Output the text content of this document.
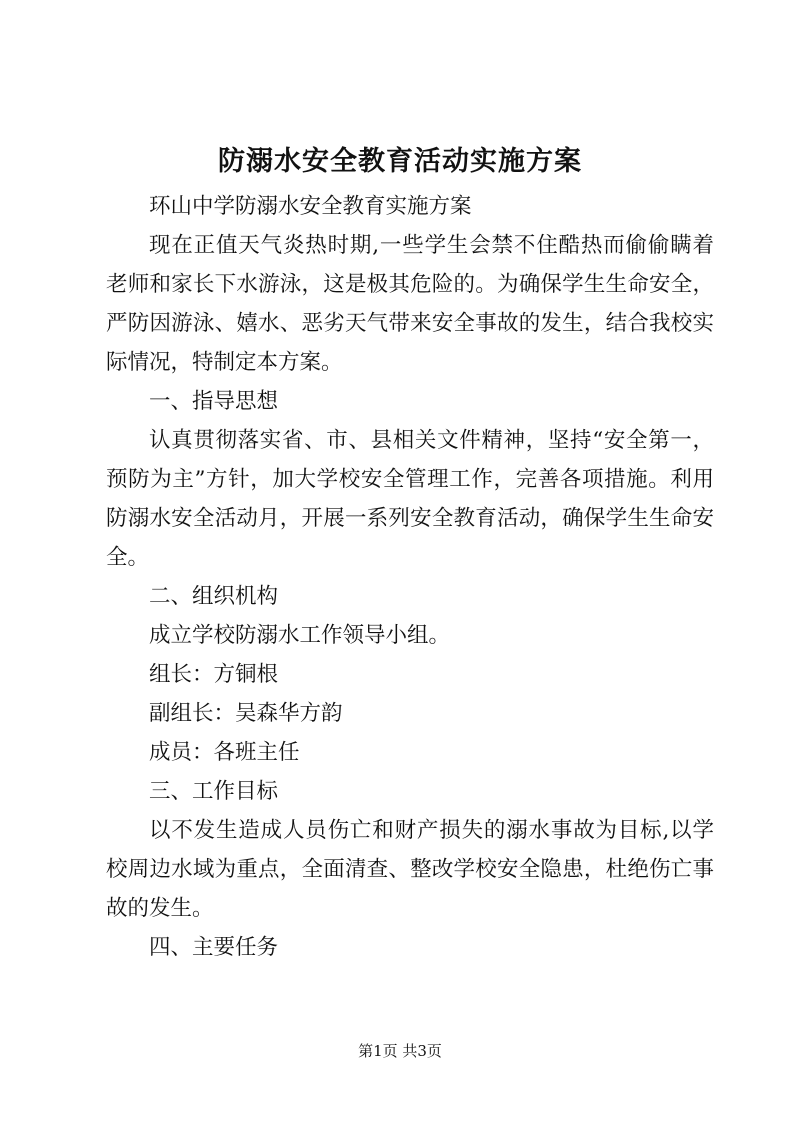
防溺水安全教育活动实施方案

环山中学防溺水安全教育实施方案

现在正值天气炎热时期,一些学生会禁不住酷热而偷偷瞒着老师和家长下水游泳，这是极其危险的。为确保学生生命安全，严防因游泳、嬉水、恶劣天气带来安全事故的发生，结合我校实际情况，特制定本方案。

一、指导思想

认真贯彻落实省、市、县相关文件精神，坚持“安全第一，预防为主”方针，加大学校安全管理工作，完善各项措施。利用防溺水安全活动月，开展一系列安全教育活动，确保学生生命安全。

二、组织机构

成立学校防溺水工作领导小组。

组长：方铜根

副组长：吴森华方韵

成员：各班主任

三、工作目标

以不发生造成人员伤亡和财产损失的溺水事故为目标,以学校周边水域为重点，全面清查、整改学校安全隐患，杜绝伤亡事故的发生。

四、主要任务

第1页 共3页
